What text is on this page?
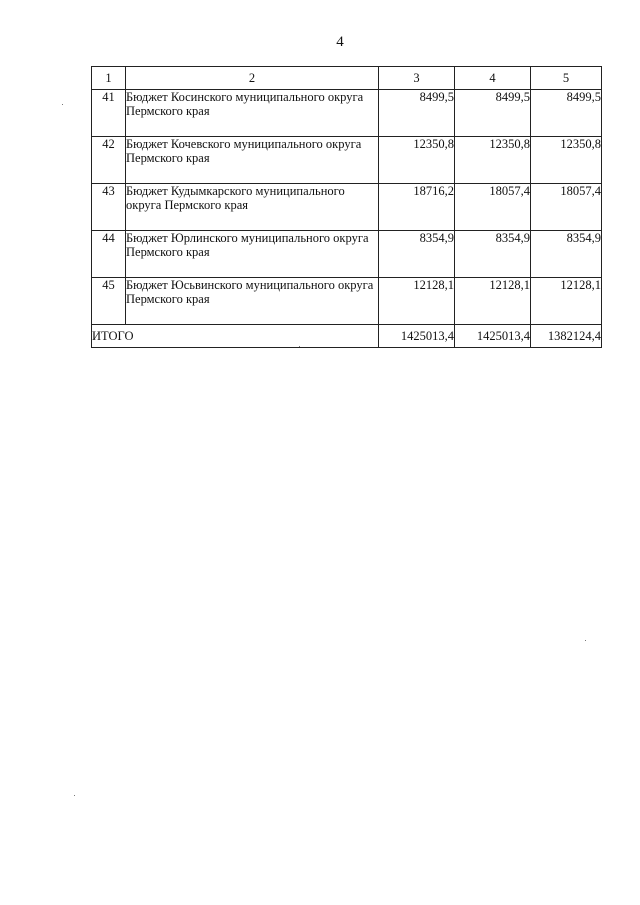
4
1	2	3	4	5
41	Бюджет Косинского муниципального округа Пермского края	8499,5	8499,5	8499,5
42	Бюджет Кочевского муниципального округа Пермского края	12350,8	12350,8	12350,8
43	Бюджет Кудымкарского муниципального округа Пермского края	18716,2	18057,4	18057,4
44	Бюджет Юрлинского муниципального округа Пермского края	8354,9	8354,9	8354,9
45	Бюджет Юсьвинского муниципального округа Пермского края	12128,1	12128,1	12128,1
ИТОГО		1425013,4	1425013,4	1382124,4
